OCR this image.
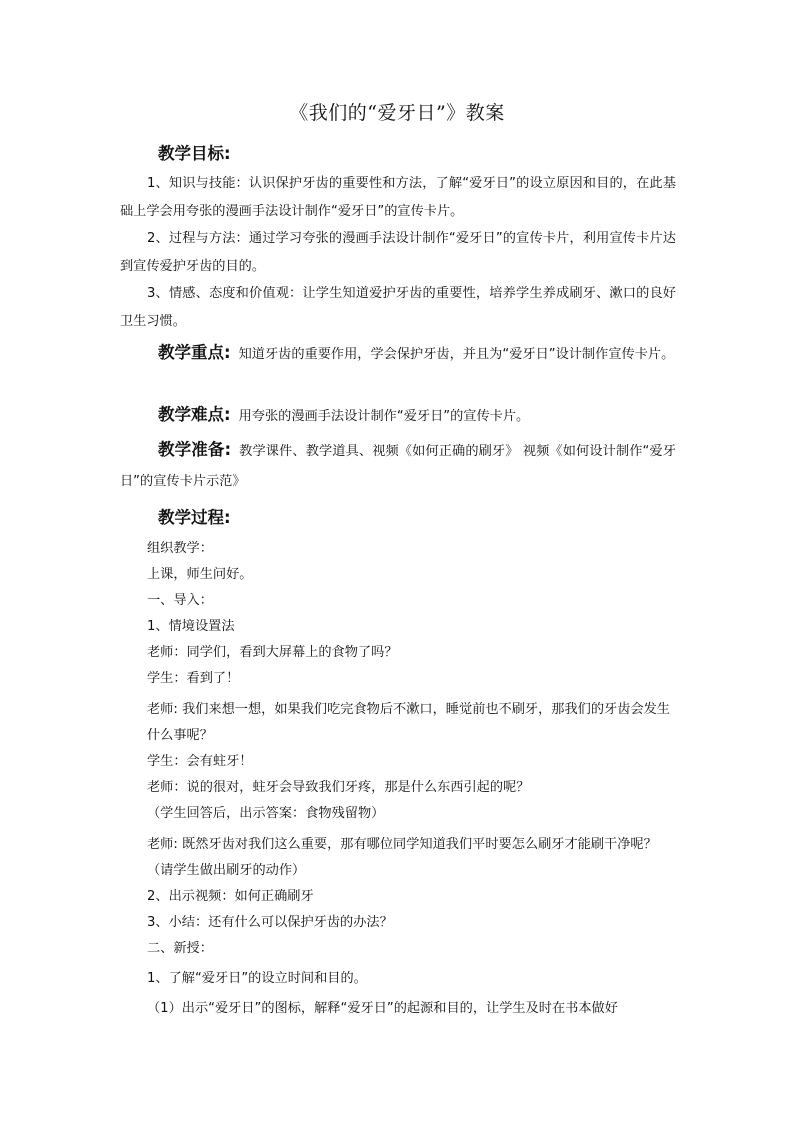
《我们的“爱牙日”》教案
教学目标:
1、知识与技能：认识保护牙齿的重要性和方法，了解“爱牙日”的设立原因和目的，在此基础上学会用夸张的漫画手法设计制作“爱牙日”的宣传卡片。
2、过程与方法：通过学习夸张的漫画手法设计制作“爱牙日”的宣传卡片，利用宣传卡片达到宣传爱护牙齿的目的。
3、情感、态度和价值观：让学生知道爱护牙齿的重要性，培养学生养成刷牙、漱口的良好卫生习惯。
教学重点: 知道牙齿的重要作用，学会保护牙齿，并且为“爱牙日”设计制作宣传卡片。
教学难点: 用夸张的漫画手法设计制作“爱牙日”的宣传卡片。
教学准备: 教学课件、教学道具、视频《如何正确的刷牙》 视频《如何设计制作“爱牙日”的宣传卡片示范》
教学过程:
组织教学：
上课，师生问好。
一、导入：
1、情境设置法
老师：同学们，看到大屏幕上的食物了吗？
学生：看到了！
老师: 我们来想一想，如果我们吃完食物后不漱口，睡觉前也不刷牙，那我们的牙齿会发生什么事呢？
学生：会有蛀牙！
老师：说的很对，蛀牙会导致我们牙疼，那是什么东西引起的呢？
（学生回答后，出示答案：食物残留物）
老师: 既然牙齿对我们这么重要，那有哪位同学知道我们平时要怎么刷牙才能刷干净呢？
（请学生做出刷牙的动作）
2、出示视频：如何正确刷牙
3、小结：还有什么可以保护牙齿的办法？
二、新授：
1、了解“爱牙日”的设立时间和目的。
（1）出示“爱牙日”的图标，解释“爱牙日”的起源和目的，让学生及时在书本做好
